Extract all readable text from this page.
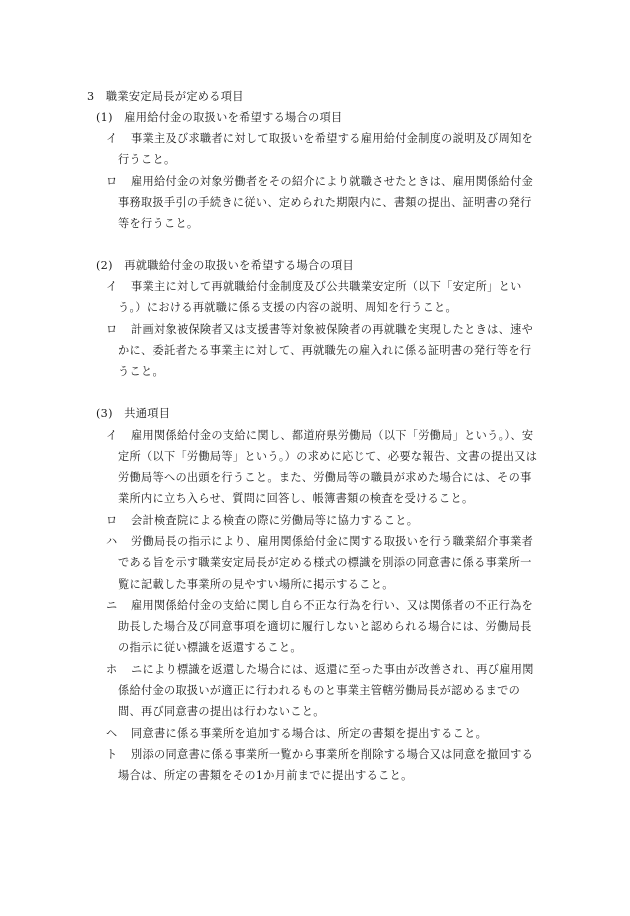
3　職業安定局長が定める項目
(1)　雇用給付金の取扱いを希望する場合の項目
イ 事業主及び求職者に対して取扱いを希望する雇用給付金制度の説明及び周知を
行うこと。
ロ 雇用給付金の対象労働者をその紹介により就職させたときは、雇用関係給付金
事務取扱手引の手続きに従い、定められた期限内に、書類の提出、証明書の発行
等を行うこと。
(2)　再就職給付金の取扱いを希望する場合の項目
イ 事業主に対して再就職給付金制度及び公共職業安定所（以下「安定所」とい
う。）における再就職に係る支援の内容の説明、周知を行うこと。
ロ 計画対象被保険者又は支援書等対象被保険者の再就職を実現したときは、速や
かに、委託者たる事業主に対して、再就職先の雇入れに係る証明書の発行等を行
うこと。
(3)　共通項目
イ 雇用関係給付金の支給に関し、都道府県労働局（以下「労働局」という。）、安
定所（以下「労働局等」という。）の求めに応じて、必要な報告、文書の提出又は
労働局等への出頭を行うこと。また、労働局等の職員が求めた場合には、その事
業所内に立ち入らせ、質問に回答し、帳簿書類の検査を受けること。
ロ 会計検査院による検査の際に労働局等に協力すること。
ハ 労働局長の指示により、雇用関係給付金に関する取扱いを行う職業紹介事業者
である旨を示す職業安定局長が定める様式の標識を別添の同意書に係る事業所一
覧に記載した事業所の見やすい場所に掲示すること。
ニ 雇用関係給付金の支給に関し自ら不正な行為を行い、又は関係者の不正行為を
助長した場合及び同意事項を適切に履行しないと認められる場合には、労働局長
の指示に従い標識を返還すること。
ホ ニにより標識を返還した場合には、返還に至った事由が改善され、再び雇用関
係給付金の取扱いが適正に行われるものと事業主管轄労働局長が認めるまでの
間、再び同意書の提出は行わないこと。
ヘ 同意書に係る事業所を追加する場合は、所定の書類を提出すること。
ト 別添の同意書に係る事業所一覧から事業所を削除する場合又は同意を撤回する
場合は、所定の書類をその1か月前までに提出すること。
